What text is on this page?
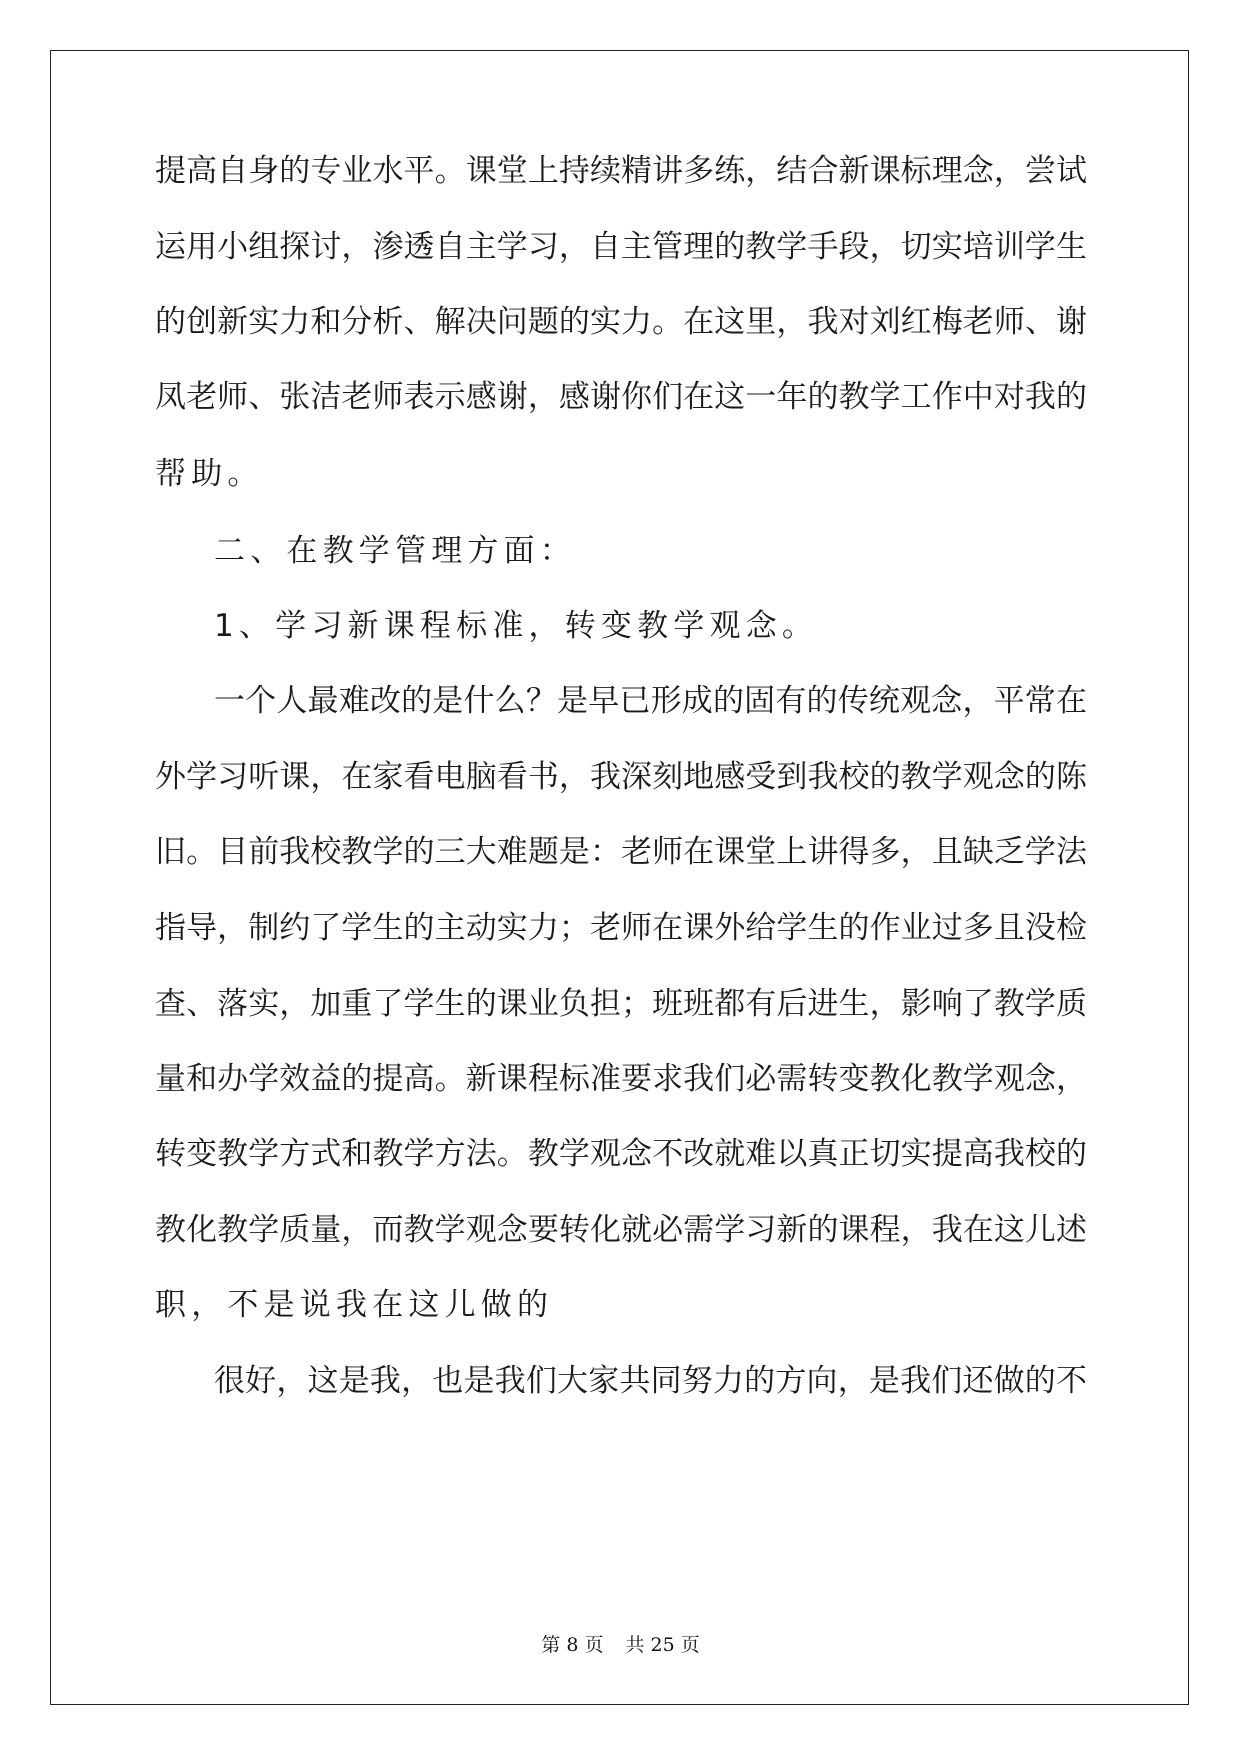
提高自身的专业水平。课堂上持续精讲多练，结合新课标理念，尝试
运用小组探讨，渗透自主学习，自主管理的教学手段，切实培训学生
的创新实力和分析、解决问题的实力。在这里，我对刘红梅老师、谢
凤老师、张洁老师表示感谢，感谢你们在这一年的教学工作中对我的
帮助。
二、在教学管理方面：
1、学习新课程标准，转变教学观念。
一个人最难改的是什么？是早已形成的固有的传统观念，平常在
外学习听课，在家看电脑看书，我深刻地感受到我校的教学观念的陈
旧。目前我校教学的三大难题是：老师在课堂上讲得多，且缺乏学法
指导，制约了学生的主动实力；老师在课外给学生的作业过多且没检
查、落实，加重了学生的课业负担；班班都有后进生，影响了教学质
量和办学效益的提高。新课程标准要求我们必需转变教化教学观念，
转变教学方式和教学方法。教学观念不改就难以真正切实提高我校的
教化教学质量，而教学观念要转化就必需学习新的课程，我在这儿述
职，不是说我在这儿做的
很好，这是我，也是我们大家共同努力的方向，是我们还做的不
第 8 页 共 25 页
